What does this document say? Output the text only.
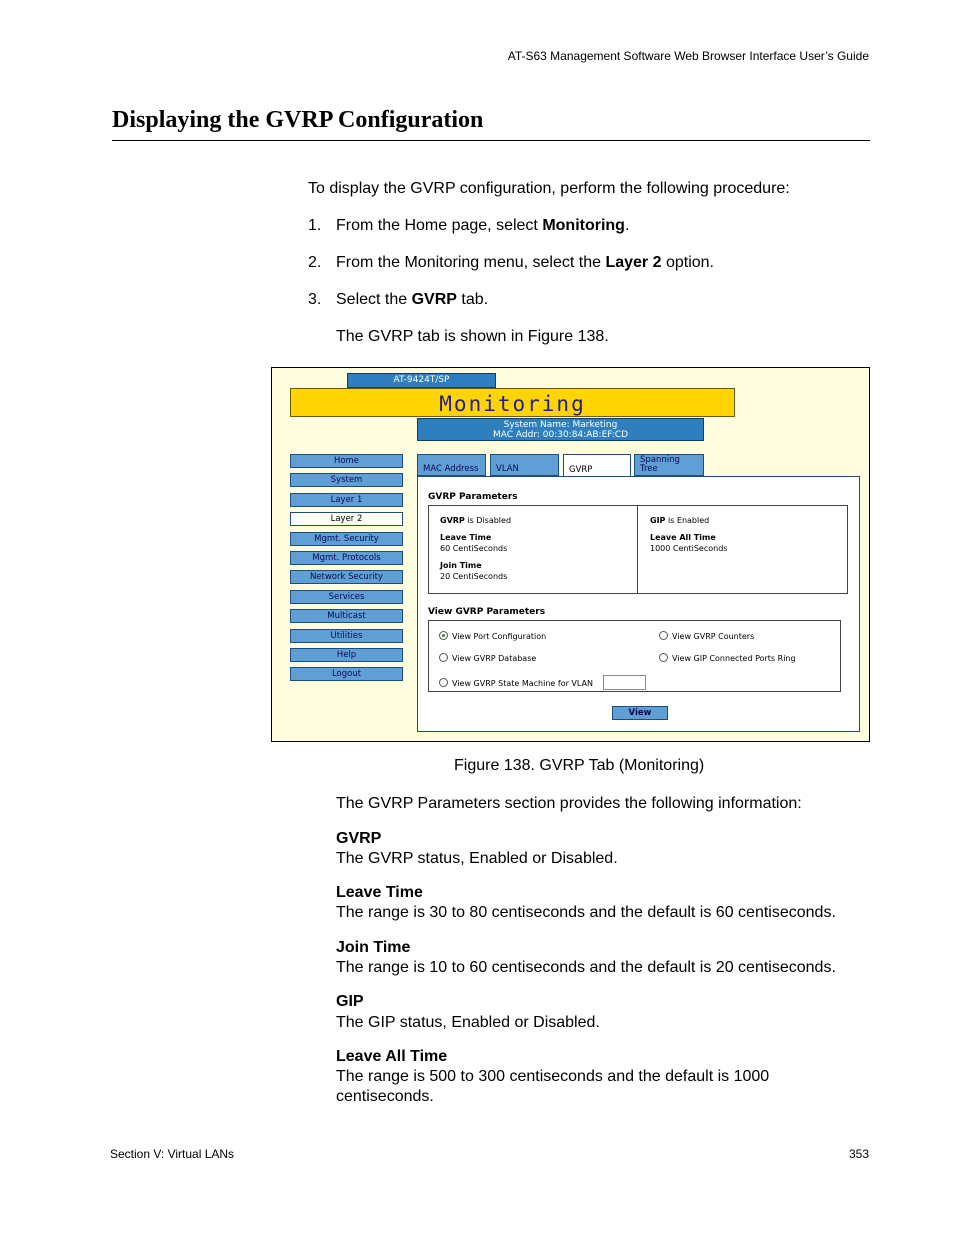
AT-S63 Management Software Web Browser Interface User’s Guide
Displaying the GVRP Configuration

To display the GVRP configuration, perform the following procedure:

1. From the Home page, select Monitoring.

2. From the Monitoring menu, select the Layer 2 option.

3. Select the GVRP tab.

The GVRP tab is shown in Figure 138.

AT-9424T/SP
Monitoring
System Name: Marketing
MAC Addr: 00:30:84:AB:EF:CD
Home
System
Layer 1
Layer 2
Mgmt. Security
Mgmt. Protocols
Network Security
Services
Multicast
Utilities
Help
Logout
MAC Address	VLAN	GVRP
Spanning Tree
GVRP Parameters
GVRP is Disabled
Leave Time
60 CentiSeconds
Join Time
20 CentiSeconds
GIP is Enabled
Leave All Time
1000 CentiSeconds
View GVRP Parameters
View Port Configuration	View GVRP Counters
View GVRP Database	View GIP Connected Ports Ring
View GVRP State Machine for VLAN
View

Figure 138. GVRP Tab (Monitoring)

The GVRP Parameters section provides the following information:

GVRP

The GVRP status, Enabled or Disabled.

Leave Time

The range is 30 to 80 centiseconds and the default is 60 centiseconds.

Join Time

The range is 10 to 60 centiseconds and the default is 20 centiseconds.

GIP

The GIP status, Enabled or Disabled.

Leave All Time

The range is 500 to 300 centiseconds and the default is 1000 centiseconds.

Section V: Virtual LANs	353
